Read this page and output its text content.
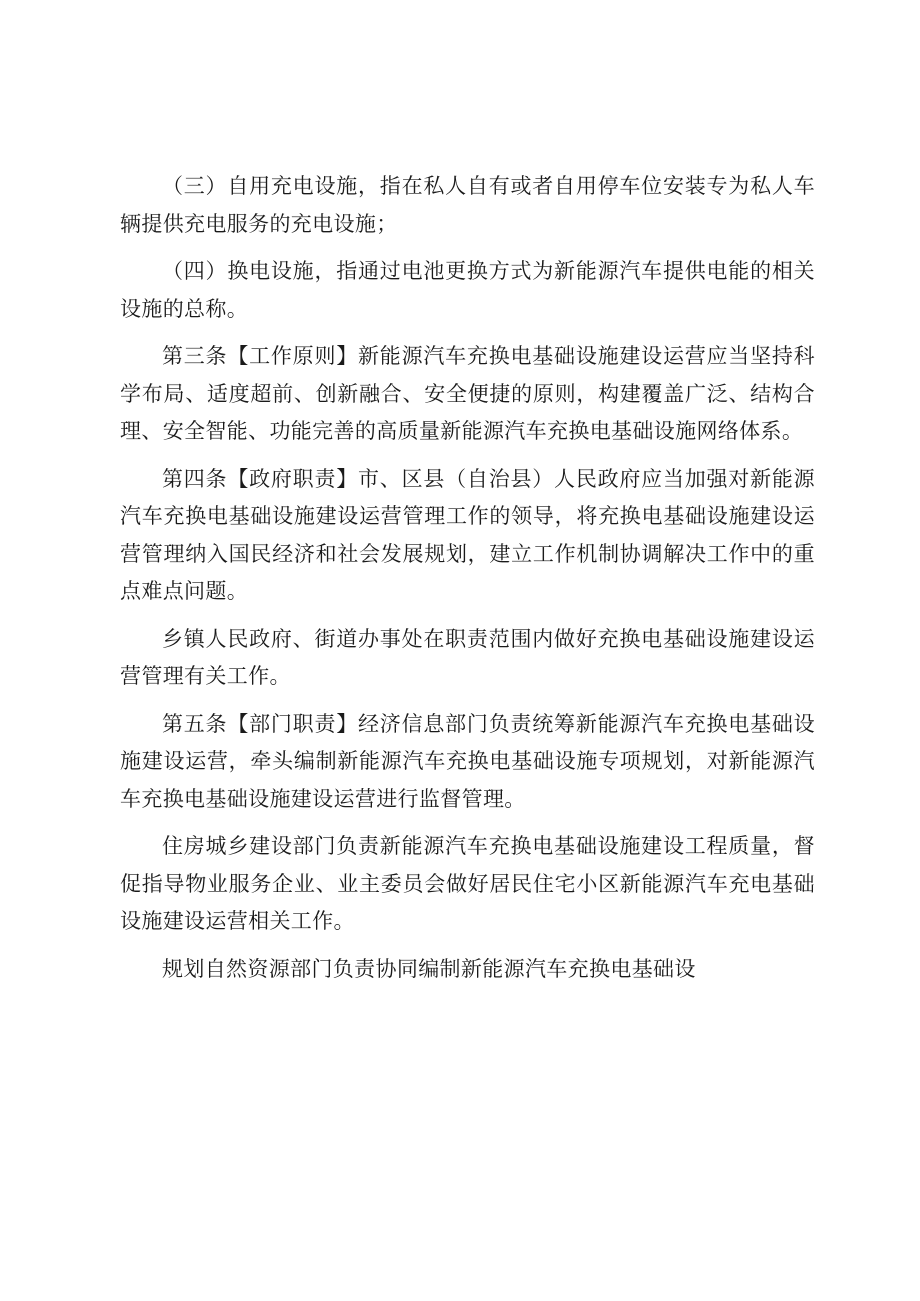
（三）自用充电设施，指在私人自有或者自用停车位安装专为私人车辆提供充电服务的充电设施；

（四）换电设施，指通过电池更换方式为新能源汽车提供电能的相关设施的总称。

第三条【工作原则】新能源汽车充换电基础设施建设运营应当坚持科学布局、适度超前、创新融合、安全便捷的原则，构建覆盖广泛、结构合理、安全智能、功能完善的高质量新能源汽车充换电基础设施网络体系。

第四条【政府职责】市、区县（自治县）人民政府应当加强对新能源汽车充换电基础设施建设运营管理工作的领导，将充换电基础设施建设运营管理纳入国民经济和社会发展规划，建立工作机制协调解决工作中的重点难点问题。

乡镇人民政府、街道办事处在职责范围内做好充换电基础设施建设运营管理有关工作。

第五条【部门职责】经济信息部门负责统筹新能源汽车充换电基础设施建设运营，牵头编制新能源汽车充换电基础设施专项规划，对新能源汽车充换电基础设施建设运营进行监督管理。

住房城乡建设部门负责新能源汽车充换电基础设施建设工程质量，督促指导物业服务企业、业主委员会做好居民住宅小区新能源汽车充电基础设施建设运营相关工作。

规划自然资源部门负责协同编制新能源汽车充换电基础设
